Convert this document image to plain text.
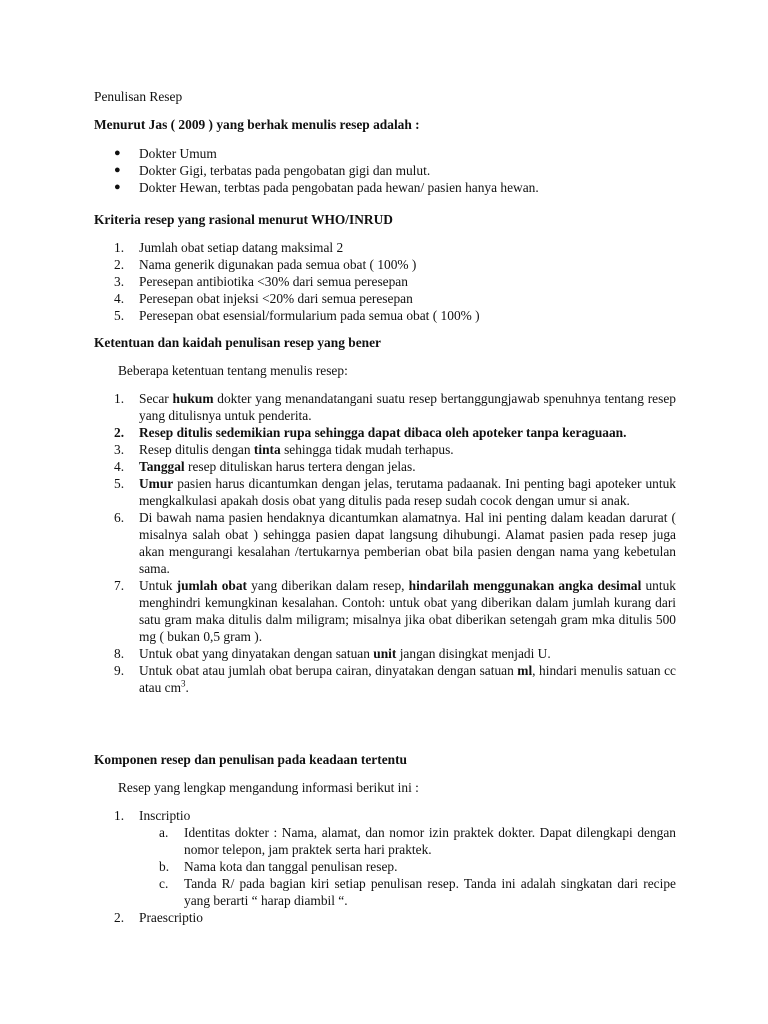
Penulisan Resep
Menurut Jas ( 2009 ) yang berhak menulis resep adalah :
● Dokter Umum
● Dokter Gigi, terbatas pada pengobatan gigi dan mulut.
● Dokter Hewan, terbtas pada pengobatan pada hewan/ pasien hanya hewan.
Kriteria resep yang rasional menurut WHO/INRUD
1. Jumlah obat setiap datang maksimal 2
2. Nama generik digunakan pada semua obat ( 100% )
3. Peresepan antibiotika <30% dari semua peresepan
4. Peresepan obat injeksi <20% dari semua peresepan
5. Peresepan obat esensial/formularium pada semua obat ( 100% )
Ketentuan dan kaidah penulisan resep yang bener
Beberapa ketentuan tentang menulis resep:
1. Secar hukum dokter yang menandatangani suatu resep bertanggungjawab spenuhnya tentang resep yang ditulisnya untuk penderita.
2. Resep ditulis sedemikian rupa sehingga dapat dibaca oleh apoteker tanpa keraguaan.
3. Resep ditulis dengan tinta sehingga tidak mudah terhapus.
4. Tanggal resep dituliskan harus tertera dengan jelas.
5. Umur pasien harus dicantumkan dengan jelas, terutama padaanak. Ini penting bagi apoteker untuk mengkalkulasi apakah dosis obat yang ditulis pada resep sudah cocok dengan umur si anak.
6. Di bawah nama pasien hendaknya dicantumkan alamatnya. Hal ini penting dalam keadan darurat ( misalnya salah obat ) sehingga pasien dapat langsung dihubungi. Alamat pasien pada resep juga akan mengurangi kesalahan /tertukarnya pemberian obat bila pasien dengan nama yang kebetulan sama.
7. Untuk jumlah obat yang diberikan dalam resep, hindarilah menggunakan angka desimal untuk menghindri kemungkinan kesalahan. Contoh: untuk obat yang diberikan dalam jumlah kurang dari satu gram maka ditulis dalm miligram; misalnya jika obat diberikan setengah gram mka ditulis 500 mg ( bukan 0,5 gram ).
8. Untuk obat yang dinyatakan dengan satuan unit jangan disingkat menjadi U.
9. Untuk obat atau jumlah obat berupa cairan, dinyatakan dengan satuan ml, hindari menulis satuan cc atau $cm^3$.
Komponen resep dan penulisan pada keadaan tertentu
Resep yang lengkap mengandung informasi berikut ini :
1. Inscriptio
a. Identitas dokter : Nama, alamat, dan nomor izin praktek dokter. Dapat dilengkapi dengan nomor telepon, jam praktek serta hari praktek.
b. Nama kota dan tanggal penulisan resep.
c. Tanda R/ pada bagian kiri setiap penulisan resep. Tanda ini adalah singkatan dari recipe yang berarti “ harap diambil “.
2. Praescriptio
